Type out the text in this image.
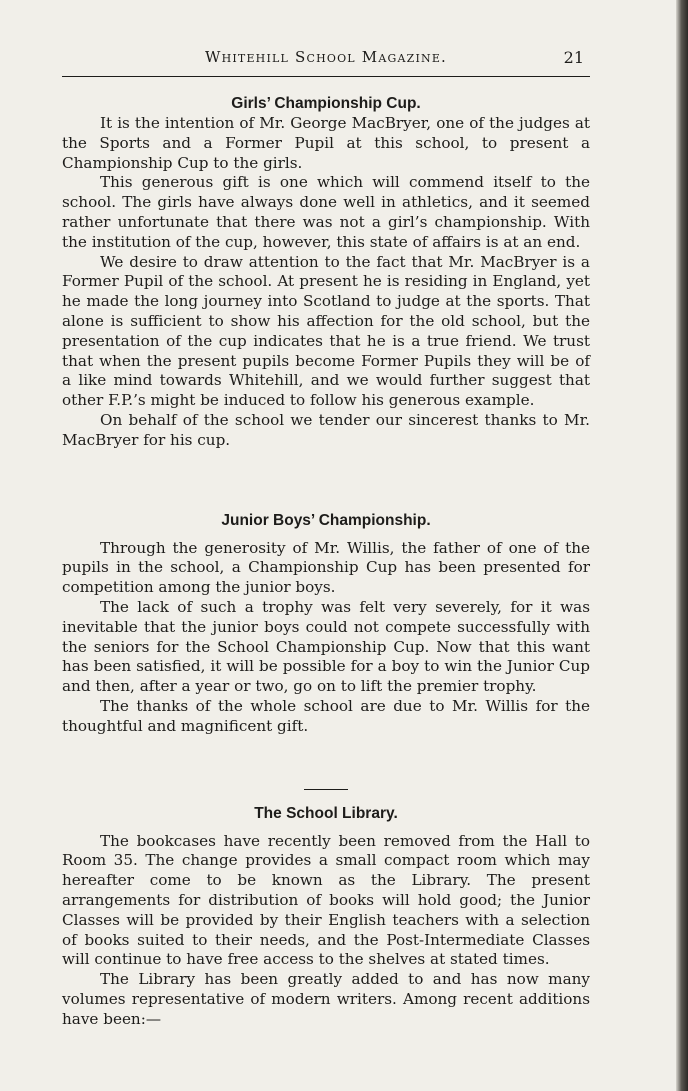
Whitehill School Magazine.	21
Girls’ Championship Cup.

It is the intention of Mr. George MacBryer, one of the judges at the Sports and a Former Pupil at this school, to present a Championship Cup to the girls.

This generous gift is one which will commend itself to the school. The girls have always done well in athletics, and it seemed rather unfortunate that there was not a girl’s championship. With the institution of the cup, however, this state of affairs is at an end.

We desire to draw attention to the fact that Mr. MacBryer is a Former Pupil of the school. At present he is residing in England, yet he made the long journey into Scotland to judge at the sports. That alone is sufficient to show his affection for the old school, but the presentation of the cup indicates that he is a true friend. We trust that when the present pupils become Former Pupils they will be of a like mind towards Whitehill, and we would further suggest that other F.P.’s might be induced to follow his generous example.

On behalf of the school we tender our sincerest thanks to Mr. MacBryer for his cup.

Junior Boys’ Championship.

Through the generosity of Mr. Willis, the father of one of the pupils in the school, a Championship Cup has been presented for competition among the junior boys.

The lack of such a trophy was felt very severely, for it was inevitable that the junior boys could not compete successfully with the seniors for the School Championship Cup. Now that this want has been satisfied, it will be possible for a boy to win the Junior Cup and then, after a year or two, go on to lift the premier trophy.

The thanks of the whole school are due to Mr. Willis for the thoughtful and magnificent gift.

The School Library.

The bookcases have recently been removed from the Hall to Room 35. The change provides a small compact room which may hereafter come to be known as the Library. The present arrangements for distribution of books will hold good; the Junior Classes will be provided by their English teachers with a selection of books suited to their needs, and the Post-Intermediate Classes will continue to have free access to the shelves at stated times.

The Library has been greatly added to and has now many volumes representative of modern writers. Among recent additions have been:—
